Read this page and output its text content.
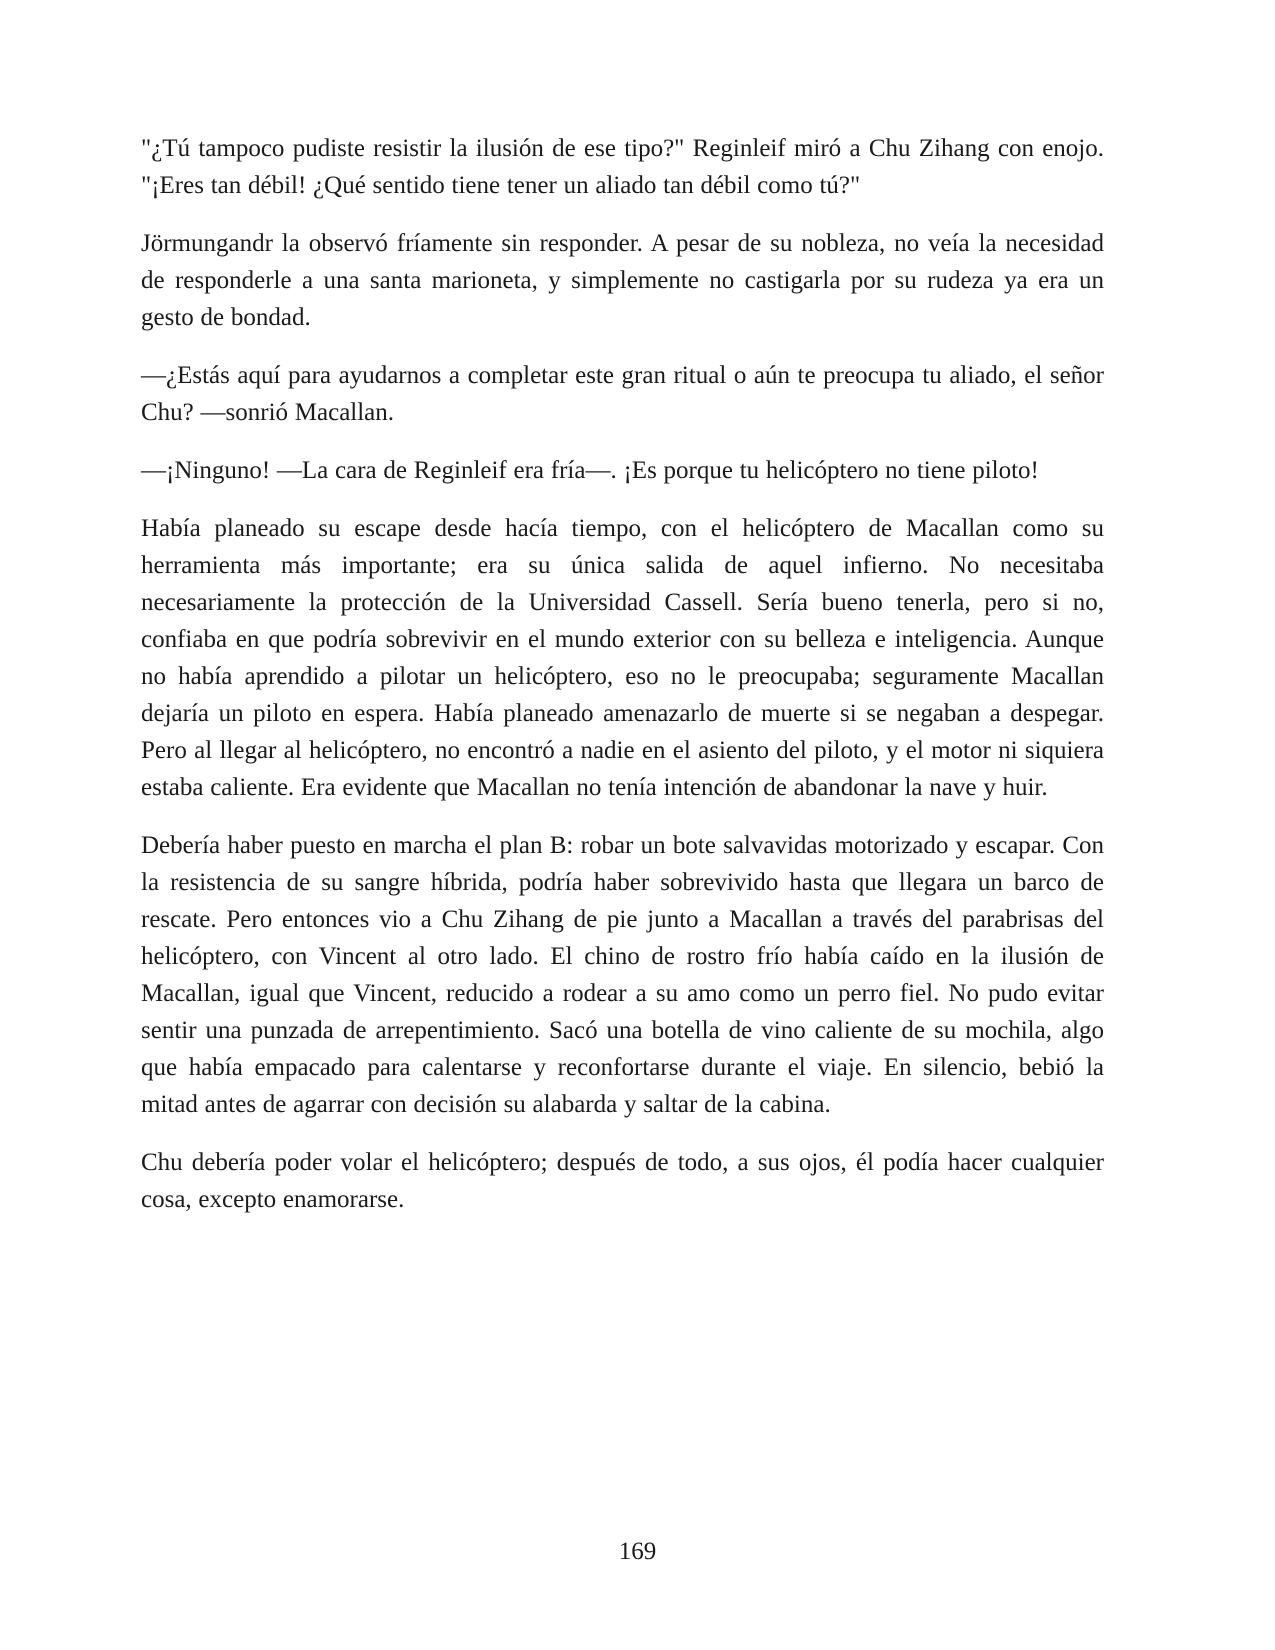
"¿Tú tampoco pudiste resistir la ilusión de ese tipo?" Reginleif miró a Chu Zihang con enojo. "¡Eres tan débil! ¿Qué sentido tiene tener un aliado tan débil como tú?"

Jörmungandr la observó fríamente sin responder. A pesar de su nobleza, no veía la necesidad de responderle a una santa marioneta, y simplemente no castigarla por su rudeza ya era un gesto de bondad.

—¿Estás aquí para ayudarnos a completar este gran ritual o aún te preocupa tu aliado, el señor Chu? —sonrió Macallan.

—¡Ninguno! —La cara de Reginleif era fría—. ¡Es porque tu helicóptero no tiene piloto!

Había planeado su escape desde hacía tiempo, con el helicóptero de Macallan como su herramienta más importante; era su única salida de aquel infierno. No necesitaba necesariamente la protección de la Universidad Cassell. Sería bueno tenerla, pero si no, confiaba en que podría sobrevivir en el mundo exterior con su belleza e inteligencia. Aunque no había aprendido a pilotar un helicóptero, eso no le preocupaba; seguramente Macallan dejaría un piloto en espera. Había planeado amenazarlo de muerte si se negaban a despegar. Pero al llegar al helicóptero, no encontró a nadie en el asiento del piloto, y el motor ni siquiera estaba caliente. Era evidente que Macallan no tenía intención de abandonar la nave y huir.

Debería haber puesto en marcha el plan B: robar un bote salvavidas motorizado y escapar. Con la resistencia de su sangre híbrida, podría haber sobrevivido hasta que llegara un barco de rescate. Pero entonces vio a Chu Zihang de pie junto a Macallan a través del parabrisas del helicóptero, con Vincent al otro lado. El chino de rostro frío había caído en la ilusión de Macallan, igual que Vincent, reducido a rodear a su amo como un perro fiel. No pudo evitar sentir una punzada de arrepentimiento. Sacó una botella de vino caliente de su mochila, algo que había empacado para calentarse y reconfortarse durante el viaje. En silencio, bebió la mitad antes de agarrar con decisión su alabarda y saltar de la cabina.

Chu debería poder volar el helicóptero; después de todo, a sus ojos, él podía hacer cualquier cosa, excepto enamorarse.

169
